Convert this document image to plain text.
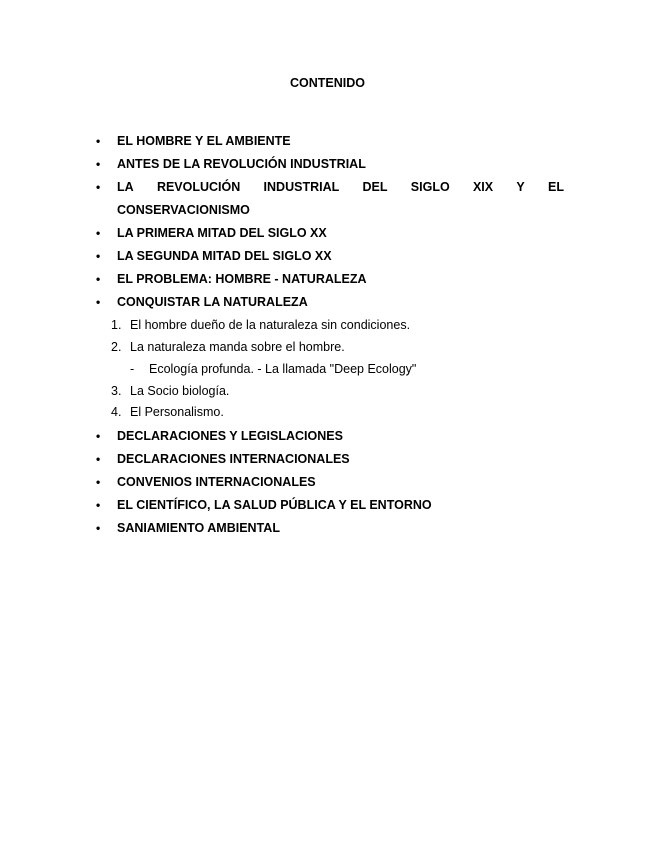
CONTENIDO
•	EL HOMBRE Y EL AMBIENTE
•	ANTES DE LA REVOLUCIÓN INDUSTRIAL
•	LA REVOLUCIÓN INDUSTRIAL DEL SIGLO XIX Y EL
CONSERVACIONISMO
•	LA PRIMERA MITAD DEL SIGLO XX
•	LA SEGUNDA MITAD DEL SIGLO XX
•	EL PROBLEMA: HOMBRE - NATURALEZA
•	CONQUISTAR LA NATURALEZA
1. El hombre dueño de la naturaleza sin condiciones.
2. La naturaleza manda sobre el hombre.
- Ecología profunda. - La llamada "Deep Ecology"
3. La Socio biología.
4. El Personalismo.
•	DECLARACIONES Y LEGISLACIONES
•	DECLARACIONES INTERNACIONALES
•	CONVENIOS INTERNACIONALES
•	EL CIENTÍFICO, LA SALUD PÚBLICA Y EL ENTORNO
•	SANIAMIENTO AMBIENTAL
